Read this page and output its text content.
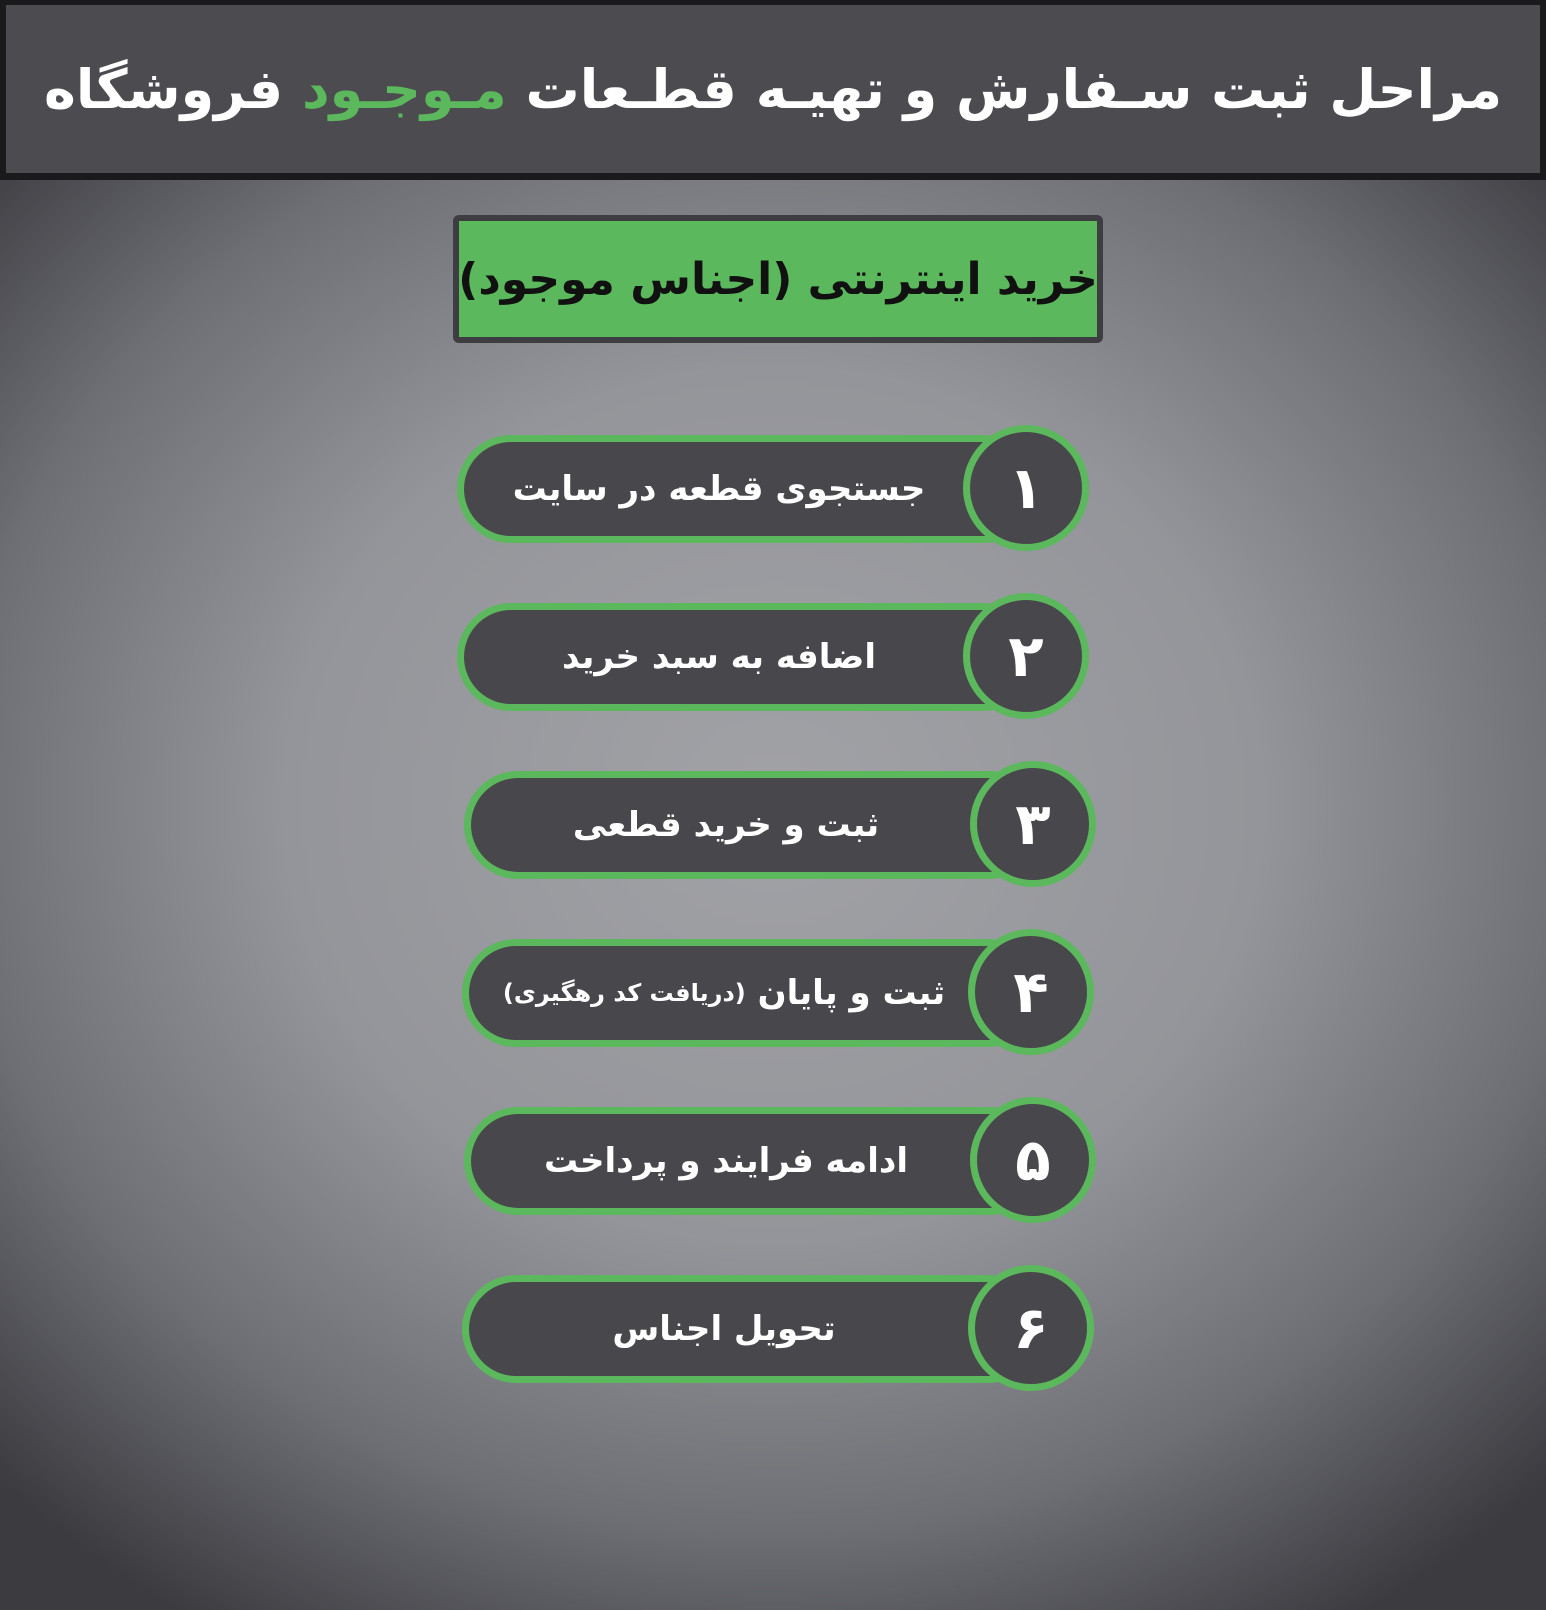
مراحل ثبت سـفارش و تهیـه قطـعات مـوجـود فروشگاه
خرید اینترنتی (اجناس موجود)
جستجوی قطعه در سایت ۱
اضافه به سبد خرید ۲
ثبت و خرید قطعی ۳
ثبت و پایان

(دریافت کد رهگیری)	۴
ادامه فرایند و پرداخت ۵
تحویل اجناس	۶
